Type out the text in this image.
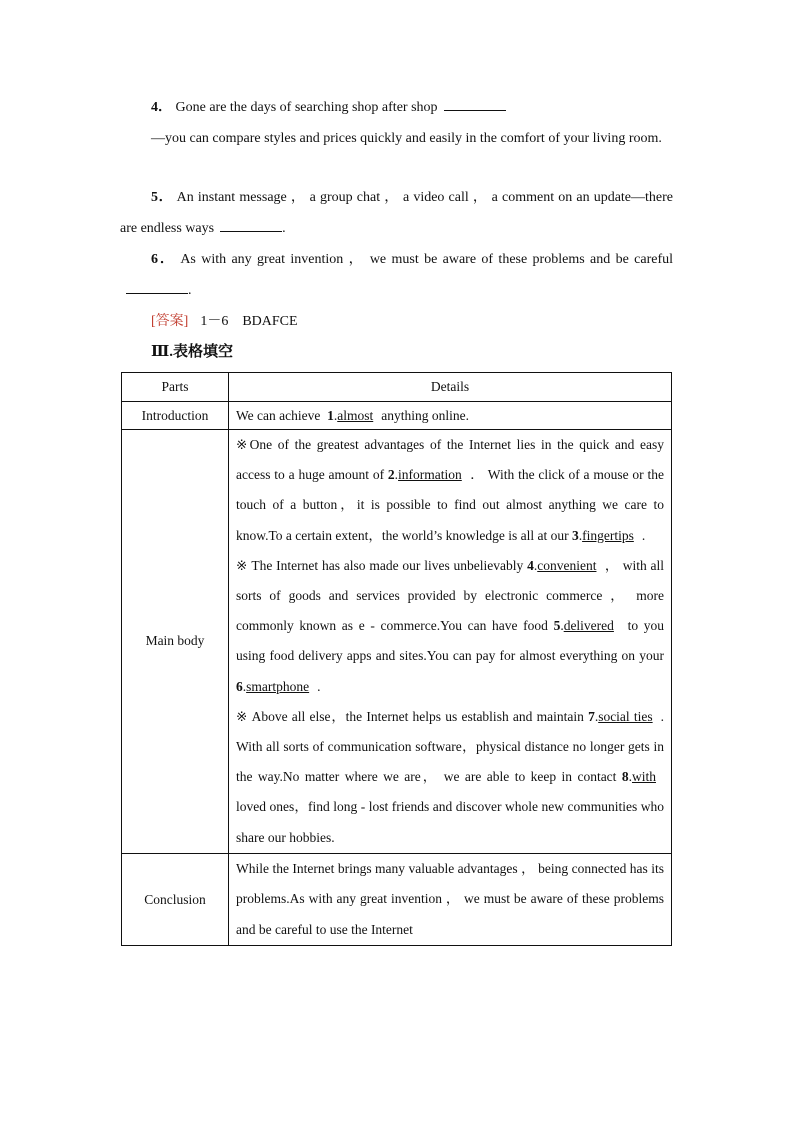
4． Gone are the days of searching shop after shop
—you can compare styles and prices quickly and easily in the comfort of your living room.
5． An instant message ， a group chat ， a video call ， a comment on an update—there are endless ways	.
6． As with any great invention ， we must be aware of these problems and be careful.
[答案] 1－6　BDAFCE
Ⅲ.表格填空
Parts	Details
Introduction	We can achieve 1.almost anything online.
Main body	※One of the greatest advantages of the Internet lies in the quick and easy access to a huge amount of 2.information ． With the click of a mouse or the touch of a button，it is possible to find out almost anything we care to know.To a certain extent，the world’s knowledge is all at our 3.fingertips .
※ The Internet has also made our lives unbelievably 4.convenient ， with all sorts of goods and services provided by electronic commerce ， more commonly known as e - commerce.You can have food 5.delivered to you using food delivery apps and sites.You can pay for almost everything on your 6.smartphone .
※ Above all else，the Internet helps us establish and maintain 7.social ties . With all sorts of communication software，physical distance no longer gets in the way.No matter where we are， we are able to keep in contact 8.with loved ones，find long - lost friends and discover whole new communities who share our hobbies.
Conclusion	While the Internet brings many valuable advantages ， being connected has its problems.As with any great invention ， we must be aware of these problems and be careful to use the Internet
